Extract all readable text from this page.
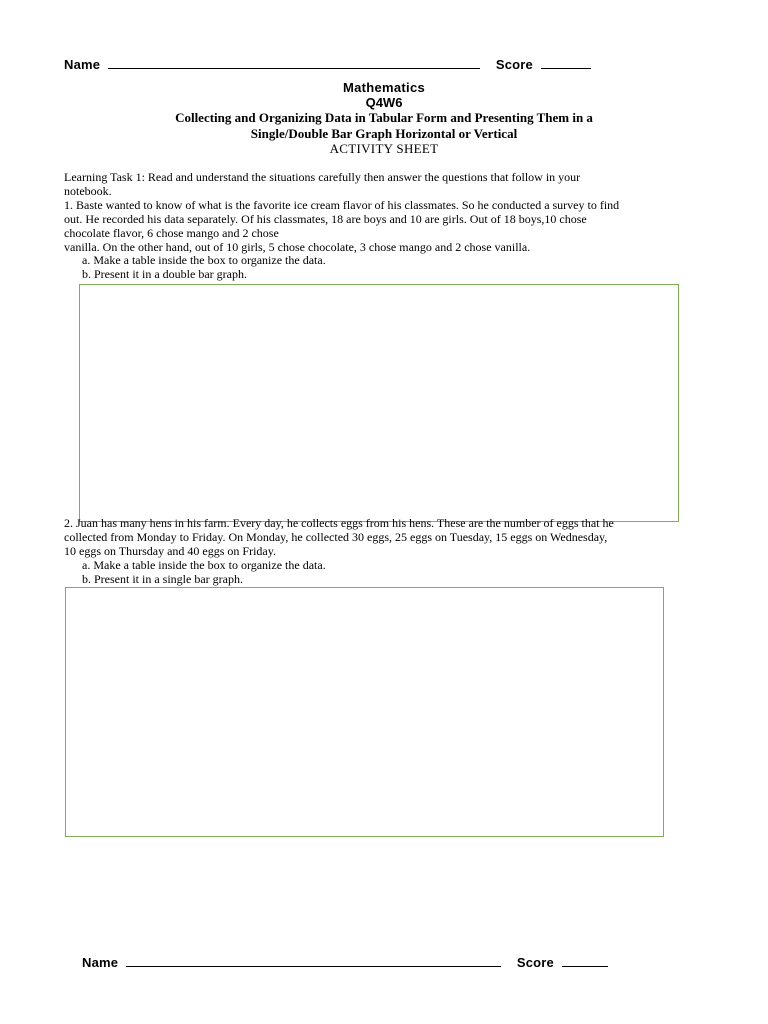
Name	Score
Mathematics
Q4W6
Collecting and Organizing Data in Tabular Form and Presenting Them in a
Single/Double Bar Graph Horizontal or Vertical
ACTIVITY SHEET
Learning Task 1: Read and understand the situations carefully then answer the questions that follow in your
notebook.
1. Baste wanted to know of what is the favorite ice cream flavor of his classmates. So he conducted a survey to find
out. He recorded his data separately. Of his classmates, 18 are boys and 10 are girls. Out of 18 boys,10 chose
chocolate flavor, 6 chose mango and 2 chose
vanilla. On the other hand, out of 10 girls, 5 chose chocolate, 3 chose mango and 2 chose vanilla.
a. Make a table inside the box to organize the data.
b. Present it in a double bar graph.
2. Juan has many hens in his farm. Every day, he collects eggs from his hens. These are the number of eggs that he
collected from Monday to Friday. On Monday, he collected 30 eggs, 25 eggs on Tuesday, 15 eggs on Wednesday,
10 eggs on Thursday and 40 eggs on Friday.
a. Make a table inside the box to organize the data.
b. Present it in a single bar graph.
Name	Score
